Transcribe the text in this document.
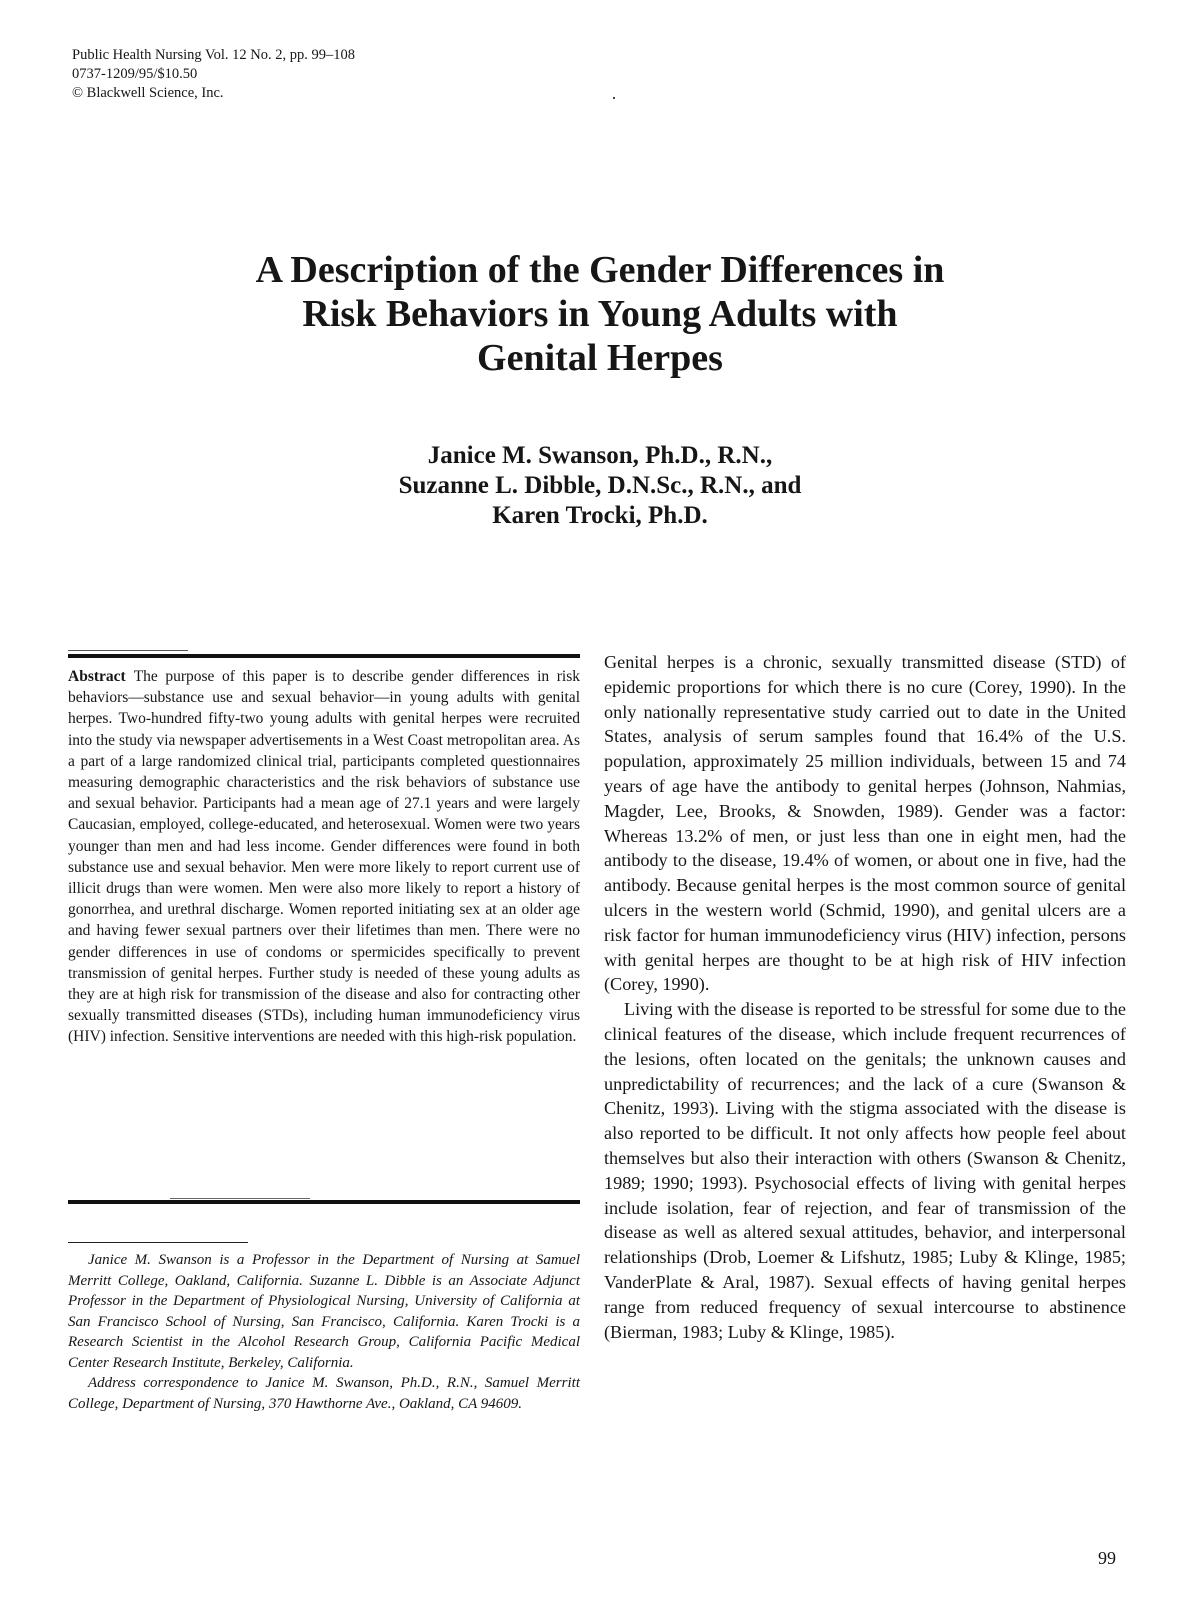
Public Health Nursing Vol. 12 No. 2, pp. 99–108
0737-1209/95/$10.50
© Blackwell Science, Inc.
A Description of the Gender Differences in Risk Behaviors in Young Adults with Genital Herpes
Janice M. Swanson, Ph.D., R.N.,
Suzanne L. Dibble, D.N.Sc., R.N., and
Karen Trocki, Ph.D.

Abstract The purpose of this paper is to describe gender differences in risk behaviors—substance use and sexual behavior—in young adults with genital herpes. Two-hundred fifty-two young adults with genital herpes were recruited into the study via newspaper advertisements in a West Coast metropolitan area. As a part of a large randomized clinical trial, participants completed questionnaires measuring demographic characteristics and the risk behaviors of substance use and sexual behavior. Participants had a mean age of 27.1 years and were largely Caucasian, employed, college-educated, and heterosexual. Women were two years younger than men and had less income. Gender differences were found in both substance use and sexual behavior. Men were more likely to report current use of illicit drugs than were women. Men were also more likely to report a history of gonorrhea, and urethral discharge. Women reported initiating sex at an older age and having fewer sexual partners over their lifetimes than men. There were no gender differences in use of condoms or spermicides specifically to prevent transmission of genital herpes. Further study is needed of these young adults as they are at high risk for transmission of the disease and also for contracting other sexually transmitted diseases (STDs), including human immunodeficiency virus (HIV) infection. Sensitive interventions are needed with this high-risk population.

Janice M. Swanson is a Professor in the Department of Nursing at Samuel Merritt College, Oakland, California. Suzanne L. Dibble is an Associate Adjunct Professor in the Department of Physiological Nursing, University of California at San Francisco School of Nursing, San Francisco, California. Karen Trocki is a Research Scientist in the Alcohol Research Group, California Pacific Medical Center Research Institute, Berkeley, California.

Address correspondence to Janice M. Swanson, Ph.D., R.N., Samuel Merritt College, Department of Nursing, 370 Hawthorne Ave., Oakland, CA 94609.

Genital herpes is a chronic, sexually transmitted disease (STD) of epidemic proportions for which there is no cure (Corey, 1990). In the only nationally representative study carried out to date in the United States, analysis of serum samples found that 16.4% of the U.S. population, approximately 25 million individuals, between 15 and 74 years of age have the antibody to genital herpes (Johnson, Nahmias, Magder, Lee, Brooks, & Snowden, 1989). Gender was a factor: Whereas 13.2% of men, or just less than one in eight men, had the antibody to the disease, 19.4% of women, or about one in five, had the antibody. Because genital herpes is the most common source of genital ulcers in the western world (Schmid, 1990), and genital ulcers are a risk factor for human immunodeficiency virus (HIV) infection, persons with genital herpes are thought to be at high risk of HIV infection (Corey, 1990).

Living with the disease is reported to be stressful for some due to the clinical features of the disease, which include frequent recurrences of the lesions, often located on the genitals; the unknown causes and unpredictability of recurrences; and the lack of a cure (Swanson & Chenitz, 1993). Living with the stigma associated with the disease is also reported to be difficult. It not only affects how people feel about themselves but also their interaction with others (Swanson & Chenitz, 1989; 1990; 1993). Psychosocial effects of living with genital herpes include isolation, fear of rejection, and fear of transmission of the disease as well as altered sexual attitudes, behavior, and interpersonal relationships (Drob, Loemer & Lifshutz, 1985; Luby & Klinge, 1985; VanderPlate & Aral, 1987). Sexual effects of having genital herpes range from reduced frequency of sexual intercourse to abstinence (Bierman, 1983; Luby & Klinge, 1985).

99
